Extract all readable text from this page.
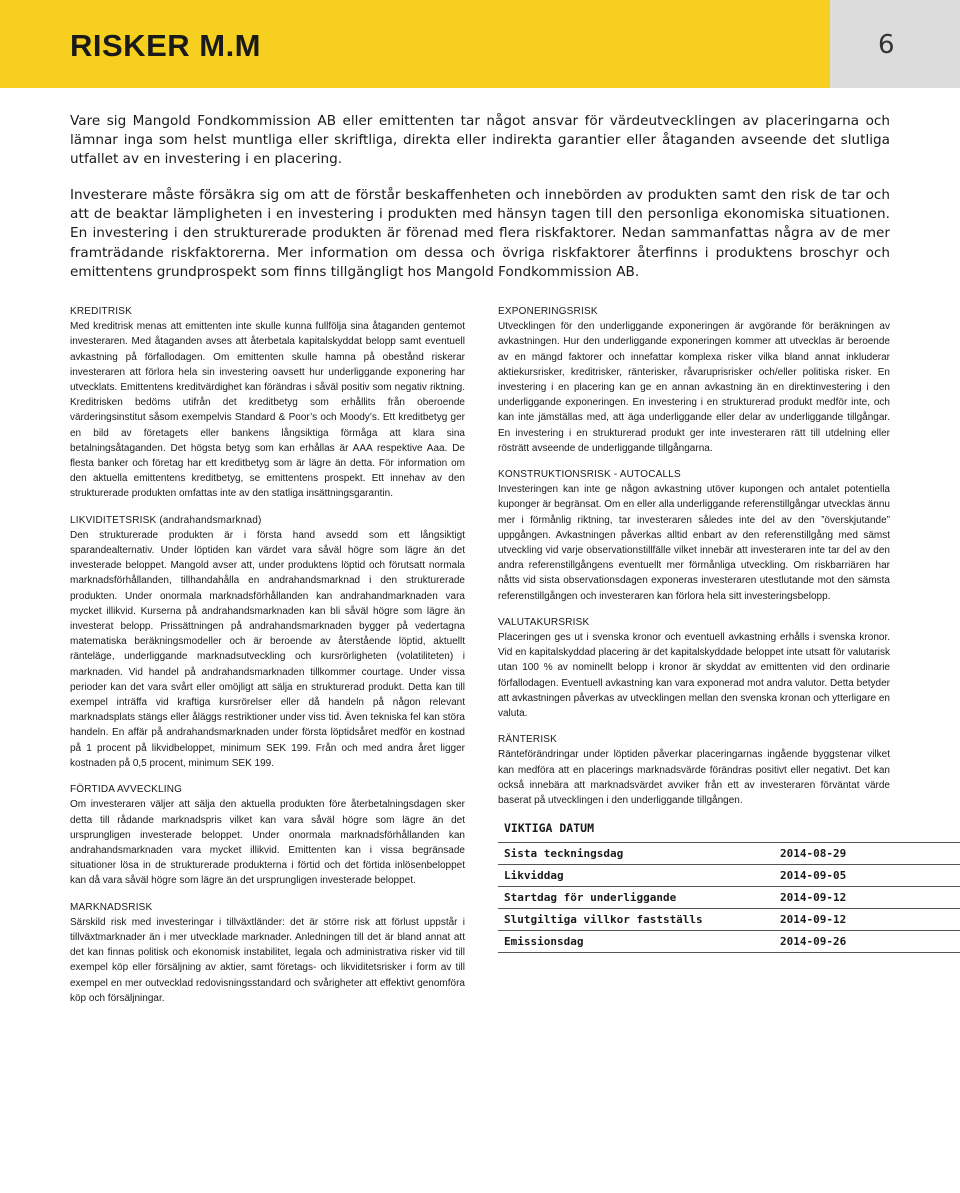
RISKER M.M	6

Vare sig Mangold Fondkommission AB eller emittenten tar något ansvar för värdeutvecklingen av placeringarna och lämnar inga som helst muntliga eller skriftliga, direkta eller indirekta garantier eller åtaganden avseende det slutliga utfallet av en investering i en placering.

Investerare måste försäkra sig om att de förstår beskaffenheten och innebörden av produkten samt den risk de tar och att de beaktar lämpligheten i en investering i produkten med hänsyn tagen till den personliga ekonomiska situationen. En investering i den strukturerade produkten är förenad med flera riskfaktorer. Nedan sammanfattas några av de mer framträdande riskfaktorerna. Mer information om dessa och övriga riskfaktorer återfinns i produktens broschyr och emittentens grundprospekt som finns tillgängligt hos Mangold Fondkommission AB.

KREDITRISK

Med kreditrisk menas att emittenten inte skulle kunna fullfölja sina åtaganden gentemot investeraren. Med åtaganden avses att återbetala kapitalskyddat belopp samt eventuell avkastning på förfallodagen. Om emittenten skulle hamna på obestånd riskerar investeraren att förlora hela sin investering oavsett hur underliggande exponering har utvecklats. Emittentens kreditvärdighet kan förändras i såväl positiv som negativ riktning. Kreditrisken bedöms utifrån det kreditbetyg som erhållits från oberoende värderingsinstitut såsom exempelvis Standard & Poor’s och Moody’s. Ett kreditbetyg ger en bild av företagets eller bankens långsiktiga förmåga att klara sina betalningsåtaganden. Det högsta betyg som kan erhållas är AAA respektive Aaa. De flesta banker och företag har ett kreditbetyg som är lägre än detta. För information om den aktuella emittentens kreditbetyg, se emittentens prospekt. Ett innehav av den strukturerade produkten omfattas inte av den statliga insättningsgarantin.

LIKVIDITETSRISK (andrahandsmarknad)

Den strukturerade produkten är i första hand avsedd som ett långsiktigt sparandealternativ. Under löptiden kan värdet vara såväl högre som lägre än det investerade beloppet. Mangold avser att, under produktens löptid och förutsatt normala marknadsförhållanden, tillhandahålla en andrahandsmarknad i den strukturerade produkten. Under onormala marknadsförhållanden kan andrahandmarknaden vara mycket illikvid. Kurserna på andrahandsmarknaden kan bli såväl högre som lägre än investerat belopp. Prissättningen på andrahandsmarknaden bygger på vedertagna matematiska beräkningsmodeller och är beroende av återstående löptid, aktuellt ränteläge, underliggande marknadsutveckling och kursrörligheten (volatiliteten) i marknaden. Vid handel på andrahandsmarknaden tillkommer courtage. Under vissa perioder kan det vara svårt eller omöjligt att sälja en strukturerad produkt. Detta kan till exempel inträffa vid kraftiga kursrörelser eller då handeln på någon relevant marknadsplats stängs eller åläggs restriktioner under viss tid. Även tekniska fel kan störa handeln. En affär på andrahandsmarknaden under första löptidsåret medför en kostnad på 1 procent på likvidbeloppet, minimum SEK 199. Från och med andra året ligger kostnaden på 0,5 procent, minimum SEK 199.

FÖRTIDA AVVECKLING

Om investeraren väljer att sälja den aktuella produkten före återbetalningsdagen sker detta till rådande marknadspris vilket kan vara såväl högre som lägre än det ursprungligen investerade beloppet. Under onormala marknadsförhållanden kan andrahandsmarknaden vara mycket illikvid. Emittenten kan i vissa begränsade situationer lösa in de strukturerade produkterna i förtid och det förtida inlösenbeloppet kan då vara såväl högre som lägre än det ursprungligen investerade beloppet.

MARKNADSRISK

Särskild risk med investeringar i tillväxtländer: det är större risk att förlust uppstår i tillväxtmarknader än i mer utvecklade marknader. Anledningen till det är bland annat att det kan finnas politisk och ekonomisk instabilitet, legala och administrativa risker vid till exempel köp eller försäljning av aktier, samt företags- och likviditetsrisker i form av till exempel en mer outvecklad redovisningsstandard och svårigheter att effektivt genomföra köp och försäljningar.

EXPONERINGSRISK

Utvecklingen för den underliggande exponeringen är avgörande för beräkningen av avkastningen. Hur den underliggande exponeringen kommer att utvecklas är beroende av en mängd faktorer och innefattar komplexa risker vilka bland annat inkluderar aktiekursrisker, kreditrisker, ränterisker, råvaruprisrisker och/eller politiska risker. En investering i en placering kan ge en annan avkastning än en direktinvestering i den underliggande exponeringen. En investering i en strukturerad produkt medför inte, och kan inte jämställas med, att äga underliggande eller delar av underliggande tillgångar. En investering i en strukturerad produkt ger inte investeraren rätt till utdelning eller rösträtt avseende de underliggande tillgångarna.

KONSTRUKTIONSRISK - AUTOCALLS

Investeringen kan inte ge någon avkastning utöver kupongen och antalet potentiella kuponger är begränsat. Om en eller alla underliggande referenstillgångar utvecklas ännu mer i förmånlig riktning, tar investeraren således inte del av den ”överskjutande” uppgången. Avkastningen påverkas alltid enbart av den referenstillgång med sämst utveckling vid varje observationstillfälle vilket innebär att investeraren inte tar del av den andra referenstillgångens eventuellt mer förmånliga utveckling. Om riskbarriären har nåtts vid sista observationsdagen exponeras investeraren utestlutande mot den sämsta referenstillgången och investeraren kan förlora hela sitt investeringsbelopp.

VALUTAKURSRISK

Placeringen ges ut i svenska kronor och eventuell avkastning erhålls i svenska kronor. Vid en kapitalskyddad placering är det kapitalskyddade beloppet inte utsatt för valutarisk utan 100 % av nominellt belopp i kronor är skyddat av emittenten vid den ordinarie förfallodagen. Eventuell avkastning kan vara exponerad mot andra valutor. Detta betyder att avkastningen påverkas av utvecklingen mellan den svenska kronan och ytterligare en valuta.

RÄNTERISK

Ränteförändringar under löptiden påverkar placeringarnas ingående byggstenar vilket kan medföra att en placerings marknadsvärde förändras positivt eller negativt. Det kan också innebära att marknadsvärdet avviker från ett av investeraren förväntat värde baserat på utvecklingen i den underliggande tillgången.

VIKTIGA DATUM
Sista teckningsdag	2014-08-29
Likviddag	2014-09-05
Startdag för underliggande	2014-09-12
Slutgiltiga villkor fastställs	2014-09-12
Emissionsdag	2014-09-26
